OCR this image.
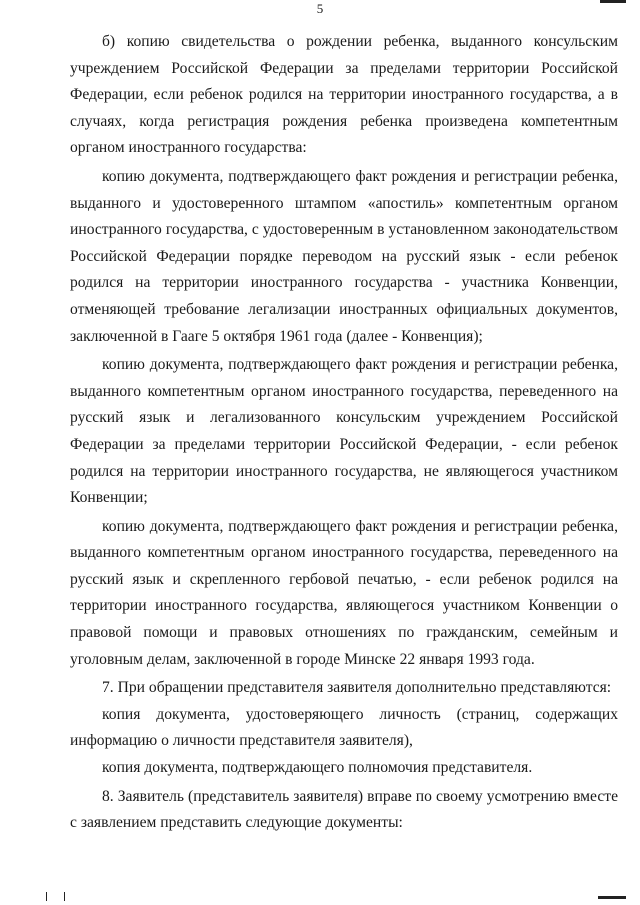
5

б) копию свидетельства о рождении ребенка, выданного консульским учреждением Российской Федерации за пределами территории Российской Федерации, если ребенок родился на территории иностранного государства, а в случаях, когда регистрация рождения ребенка произведена компетентным органом иностранного государства:

копию документа, подтверждающего факт рождения и регистрации ребенка, выданного и удостоверенного штампом «апостиль» компетентным органом иностранного государства, с удостоверенным в установленном законодательством Российской Федерации порядке переводом на русский язык - если ребенок родился на территории иностранного государства - участника Конвенции, отменяющей требование легализации иностранных официальных документов, заключенной в Гааге 5 октября 1961 года (далее - Конвенция);

копию документа, подтверждающего факт рождения и регистрации ребенка, выданного компетентным органом иностранного государства, переведенного на русский язык и легализованного консульским учреждением Российской Федерации за пределами территории Российской Федерации, - если ребенок родился на территории иностранного государства, не являющегося участником Конвенции;

копию документа, подтверждающего факт рождения и регистрации ребенка, выданного компетентным органом иностранного государства, переведенного на русский язык и скрепленного гербовой печатью, - если ребенок родился на территории иностранного государства, являющегося участником Конвенции о правовой помощи и правовых отношениях по гражданским, семейным и уголовным делам, заключенной в городе Минске 22 января 1993 года.

7. При обращении представителя заявителя дополнительно представляются:

копия документа, удостоверяющего личность (страниц, содержащих информацию о личности представителя заявителя),

копия документа, подтверждающего полномочия представителя.

8. Заявитель (представитель заявителя) вправе по своему усмотрению вместе с заявлением представить следующие документы:
